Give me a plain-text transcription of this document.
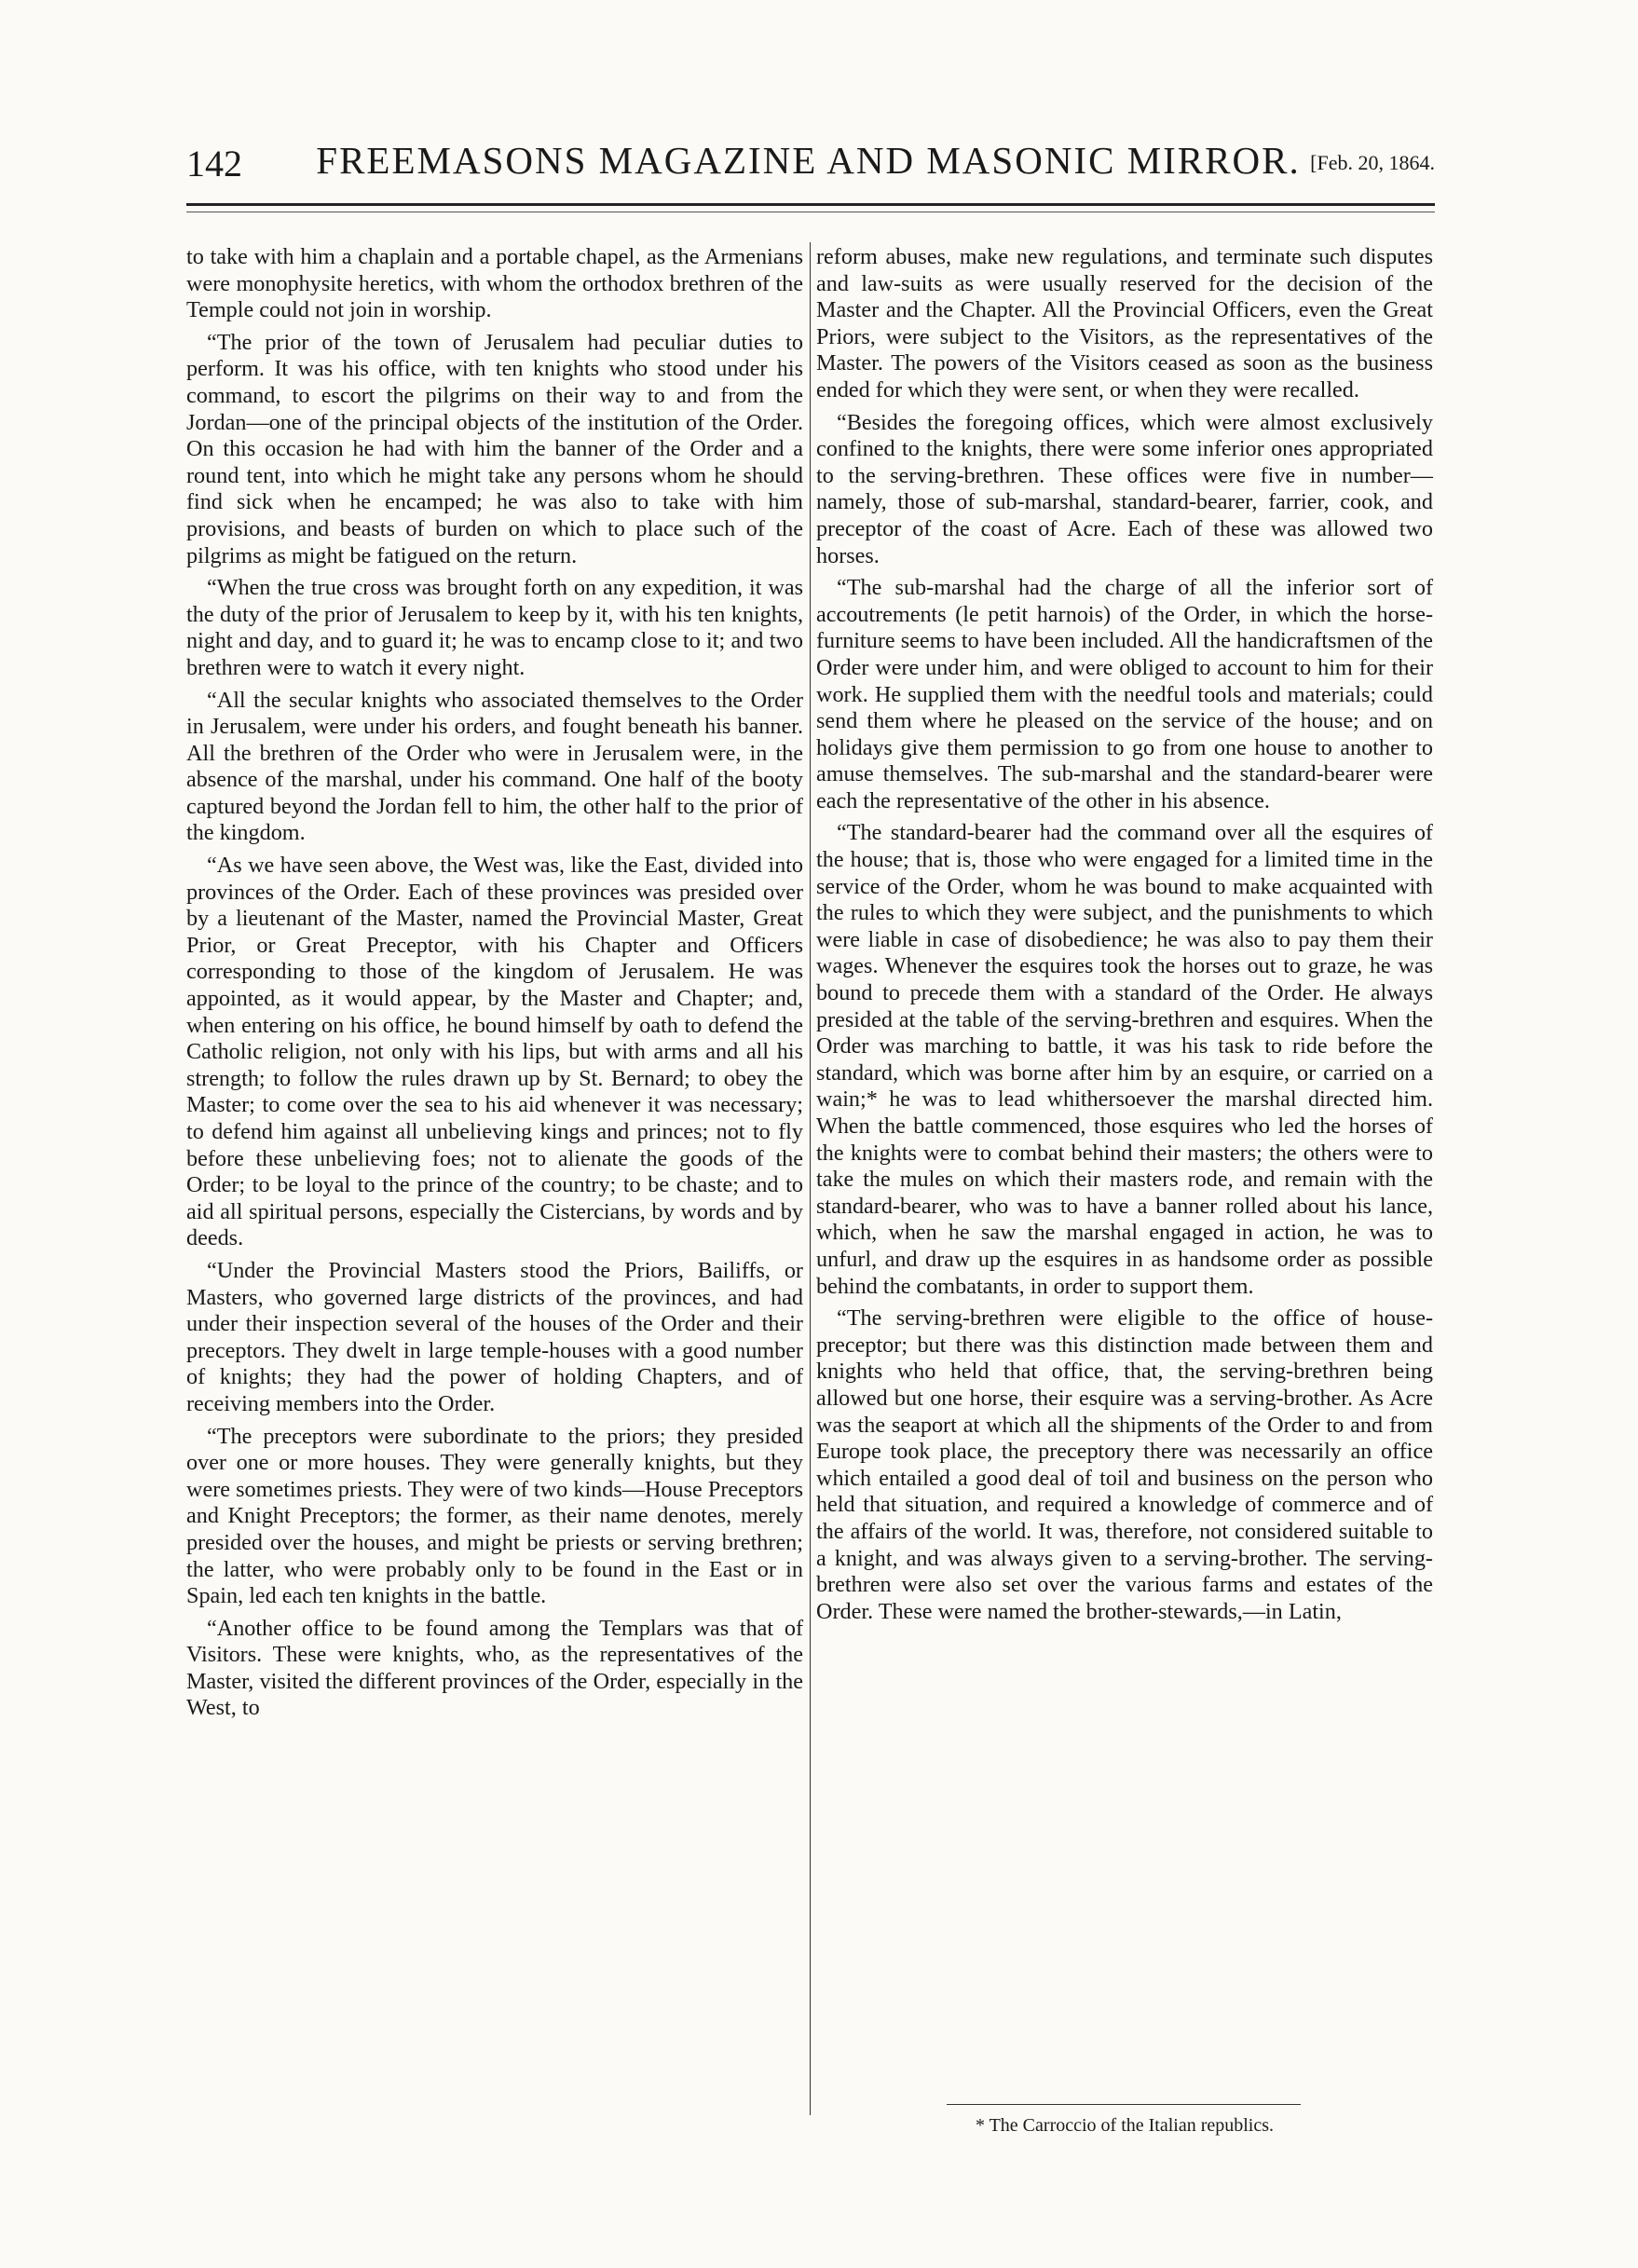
142	FREEMASONS MAGAZINE AND MASONIC MIRROR. [Feb. 20, 1864.

to take with him a chaplain and a portable chapel, as the Armenians were monophysite heretics, with whom the orthodox brethren of the Temple could not join in worship.

“The prior of the town of Jerusalem had peculiar duties to perform. It was his office, with ten knights who stood under his command, to escort the pilgrims on their way to and from the Jordan—one of the principal objects of the institution of the Order. On this occasion he had with him the banner of the Order and a round tent, into which he might take any persons whom he should find sick when he encamped; he was also to take with him provisions, and beasts of burden on which to place such of the pilgrims as might be fatigued on the return.

“When the true cross was brought forth on any expedition, it was the duty of the prior of Jerusalem to keep by it, with his ten knights, night and day, and to guard it; he was to encamp close to it; and two brethren were to watch it every night.

“All the secular knights who associated themselves to the Order in Jerusalem, were under his orders, and fought beneath his banner. All the brethren of the Order who were in Jerusalem were, in the absence of the marshal, under his command. One half of the booty captured beyond the Jordan fell to him, the other half to the prior of the kingdom.

“As we have seen above, the West was, like the East, divided into provinces of the Order. Each of these provinces was presided over by a lieutenant of the Master, named the Provincial Master, Great Prior, or Great Preceptor, with his Chapter and Officers corresponding to those of the kingdom of Jerusalem. He was appointed, as it would appear, by the Master and Chapter; and, when entering on his office, he bound himself by oath to defend the Catholic religion, not only with his lips, but with arms and all his strength; to follow the rules drawn up by St. Bernard; to obey the Master; to come over the sea to his aid whenever it was necessary; to defend him against all unbelieving kings and princes; not to fly before these unbelieving foes; not to alienate the goods of the Order; to be loyal to the prince of the country; to be chaste; and to aid all spiritual persons, especially the Cistercians, by words and by deeds.

“Under the Provincial Masters stood the Priors, Bailiffs, or Masters, who governed large districts of the provinces, and had under their inspection several of the houses of the Order and their preceptors. They dwelt in large temple-houses with a good number of knights; they had the power of holding Chapters, and of receiving members into the Order.

“The preceptors were subordinate to the priors; they presided over one or more houses. They were generally knights, but they were sometimes priests. They were of two kinds—House Preceptors and Knight Preceptors; the former, as their name denotes, merely presided over the houses, and might be priests or serving brethren; the latter, who were probably only to be found in the East or in Spain, led each ten knights in the battle.

“Another office to be found among the Templars was that of Visitors. These were knights, who, as the representatives of the Master, visited the different provinces of the Order, especially in the West, to

reform abuses, make new regulations, and terminate such disputes and law-suits as were usually reserved for the decision of the Master and the Chapter. All the Provincial Officers, even the Great Priors, were subject to the Visitors, as the representatives of the Master. The powers of the Visitors ceased as soon as the business ended for which they were sent, or when they were recalled.

“Besides the foregoing offices, which were almost exclusively confined to the knights, there were some inferior ones appropriated to the serving-brethren. These offices were five in number—namely, those of sub-marshal, standard-bearer, farrier, cook, and preceptor of the coast of Acre. Each of these was allowed two horses.

“The sub-marshal had the charge of all the inferior sort of accoutrements (le petit harnois) of the Order, in which the horse-furniture seems to have been included. All the handicraftsmen of the Order were under him, and were obliged to account to him for their work. He supplied them with the needful tools and materials; could send them where he pleased on the service of the house; and on holidays give them permission to go from one house to another to amuse themselves. The sub-marshal and the standard-bearer were each the representative of the other in his absence.

“The standard-bearer had the command over all the esquires of the house; that is, those who were engaged for a limited time in the service of the Order, whom he was bound to make acquainted with the rules to which they were subject, and the punishments to which were liable in case of disobedience; he was also to pay them their wages. Whenever the esquires took the horses out to graze, he was bound to precede them with a standard of the Order. He always presided at the table of the serving-brethren and esquires. When the Order was marching to battle, it was his task to ride before the standard, which was borne after him by an esquire, or carried on a wain;* he was to lead whithersoever the marshal directed him. When the battle commenced, those esquires who led the horses of the knights were to combat behind their masters; the others were to take the mules on which their masters rode, and remain with the standard-bearer, who was to have a banner rolled about his lance, which, when he saw the marshal engaged in action, he was to unfurl, and draw up the esquires in as handsome order as possible behind the combatants, in order to support them.

“The serving-brethren were eligible to the office of house-preceptor; but there was this distinction made between them and knights who held that office, that, the serving-brethren being allowed but one horse, their esquire was a serving-brother. As Acre was the seaport at which all the shipments of the Order to and from Europe took place, the preceptory there was necessarily an office which entailed a good deal of toil and business on the person who held that situation, and required a knowledge of commerce and of the affairs of the world. It was, therefore, not considered suitable to a knight, and was always given to a serving-brother. The serving-brethren were also set over the various farms and estates of the Order. These were named the brother-stewards,—in Latin,

* The Carroccio of the Italian republics.
